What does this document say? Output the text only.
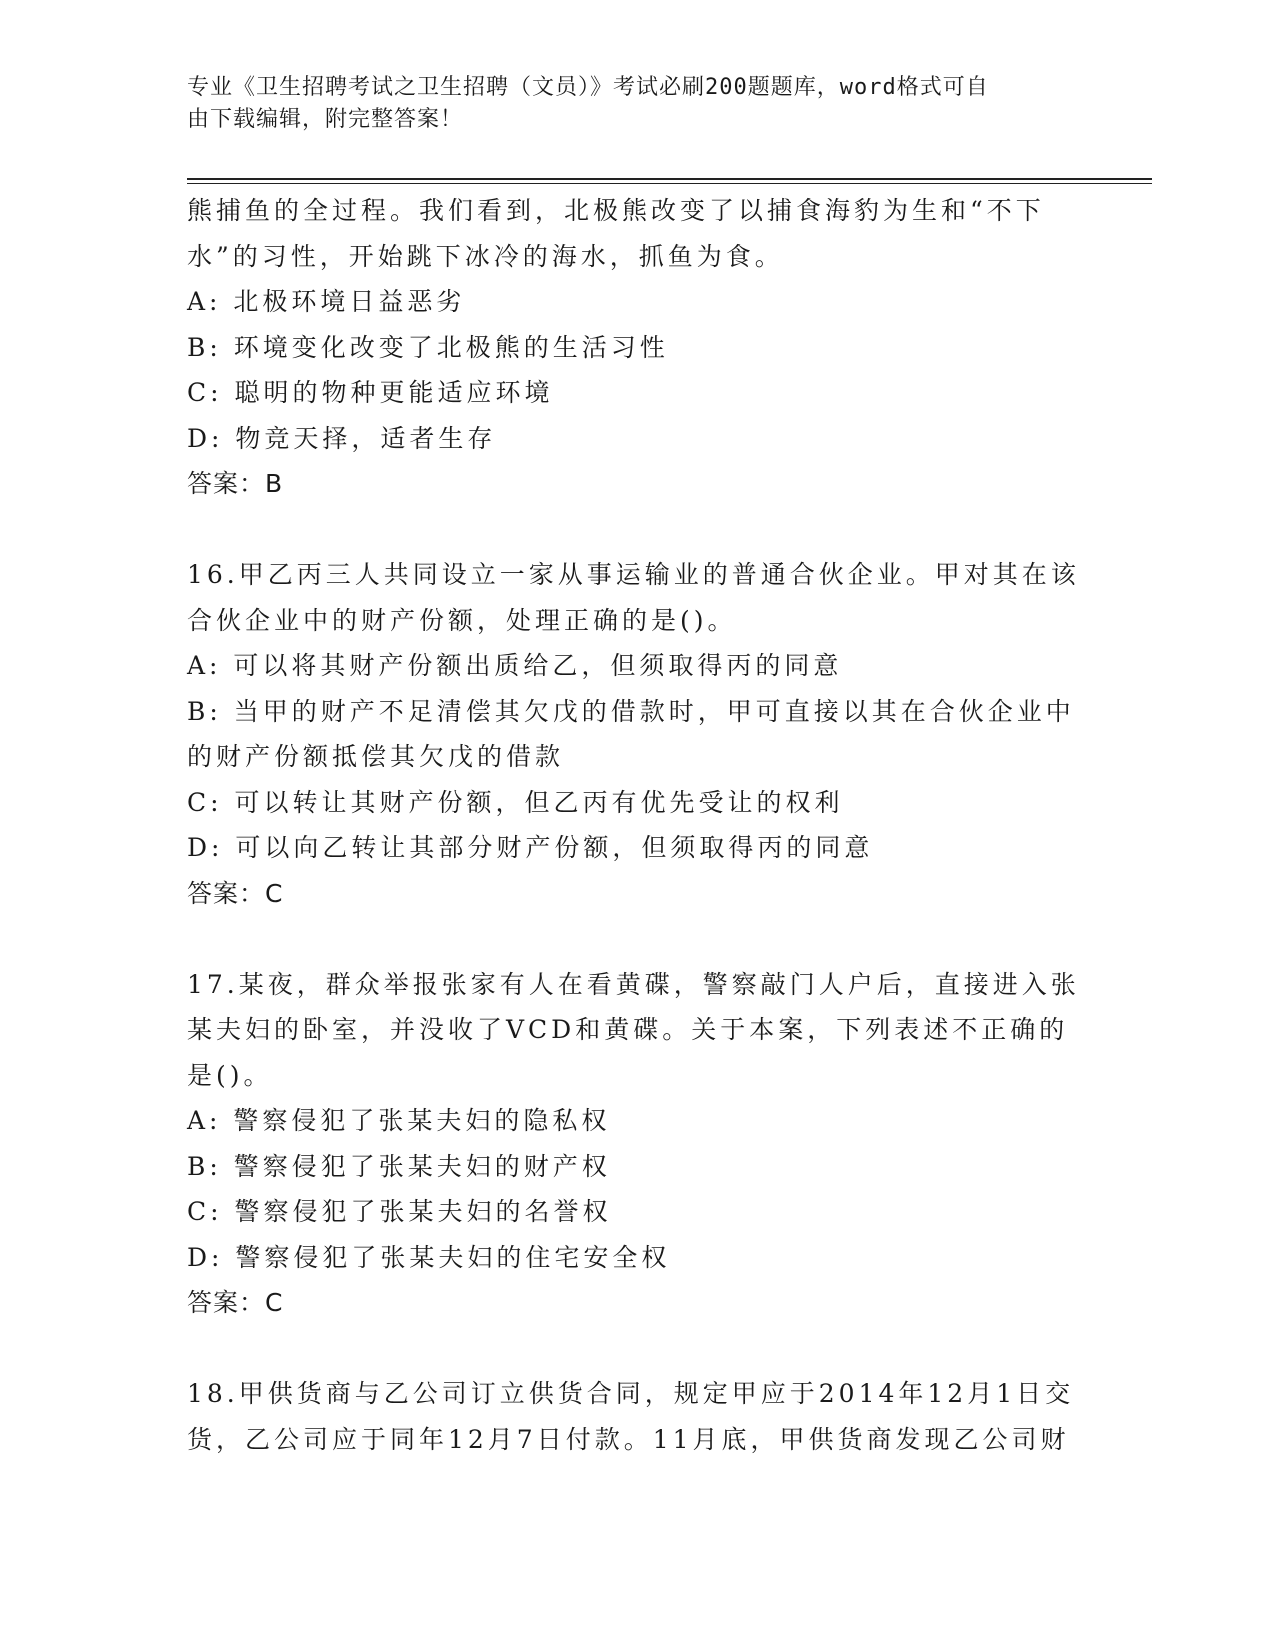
专业《卫生招聘考试之卫生招聘（文员）》考试必刷200题题库，word格式可自
由下载编辑，附完整答案！

熊捕鱼的全过程。我们看到，北极熊改变了以捕食海豹为生和“不下

水”的习性，开始跳下冰冷的海水，抓鱼为食。

A: 北极环境日益恶劣

B: 环境变化改变了北极熊的生活习性

C: 聪明的物种更能适应环境

D: 物竞天择，适者生存

答案：B

16.甲乙丙三人共同设立一家从事运输业的普通合伙企业。甲对其在该

合伙企业中的财产份额，处理正确的是()。

A: 可以将其财产份额出质给乙，但须取得丙的同意

B: 当甲的财产不足清偿其欠戊的借款时，甲可直接以其在合伙企业中

的财产份额抵偿其欠戊的借款

C: 可以转让其财产份额，但乙丙有优先受让的权利

D: 可以向乙转让其部分财产份额，但须取得丙的同意

答案：C

17.某夜，群众举报张家有人在看黄碟，警察敲门人户后，直接进入张

某夫妇的卧室，并没收了VCD和黄碟。关于本案，下列表述不正确的

是()。

A: 警察侵犯了张某夫妇的隐私权

B: 警察侵犯了张某夫妇的财产权

C: 警察侵犯了张某夫妇的名誉权

D: 警察侵犯了张某夫妇的住宅安全权

答案：C

18.甲供货商与乙公司订立供货合同，规定甲应于2014年12月1日交

货，乙公司应于同年12月7日付款。11月底，甲供货商发现乙公司财
